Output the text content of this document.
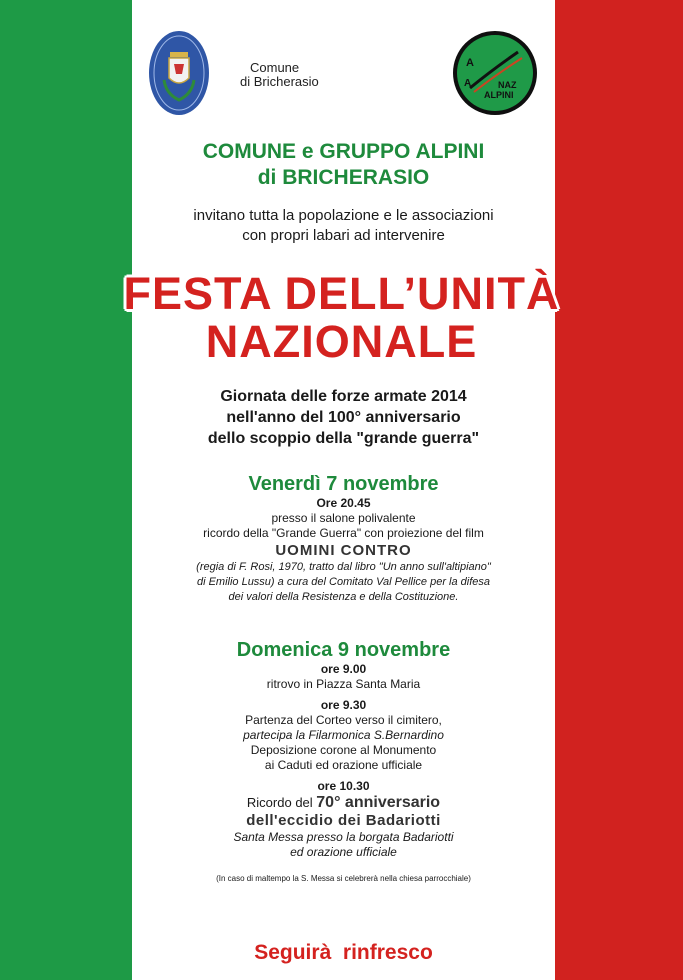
Comune
di Bricherasio
A
A	NAZ
ALPINI
COMUNE e GRUPPO ALPINI
di BRICHERASIO
invitano tutta la popolazione e le associazioni
con propri labari ad intervenire
FESTA DELL’UNITÀ
NAZIONALE
Giornata delle forze armate 2014
nell'anno del 100° anniversario
dello scoppio della "grande guerra"
Venerdì 7 novembre
Ore 20.45
presso il salone polivalente
ricordo della "Grande Guerra" con proiezione del film
UOMINI CONTRO
(regia di F. Rosi, 1970, tratto dal libro "Un anno sull'altipiano"
di Emilio Lussu) a cura del Comitato Val Pellice per la difesa
dei valori della Resistenza e della Costituzione.
Domenica 9 novembre
ore 9.00
ritrovo in Piazza Santa Maria
ore 9.30
Partenza del Corteo verso il cimitero,
partecipa la Filarmonica S.Bernardino
Deposizione corone al Monumento
ai Caduti ed orazione ufficiale
ore 10.30
Ricordo del 70° anniversario
dell'eccidio dei Badariotti
Santa Messa presso la borgata Badariotti
ed orazione ufficiale
(In caso di maltempo la S. Messa si celebrerà nella chiesa parrocchiale)
Seguirà  rinfresco
